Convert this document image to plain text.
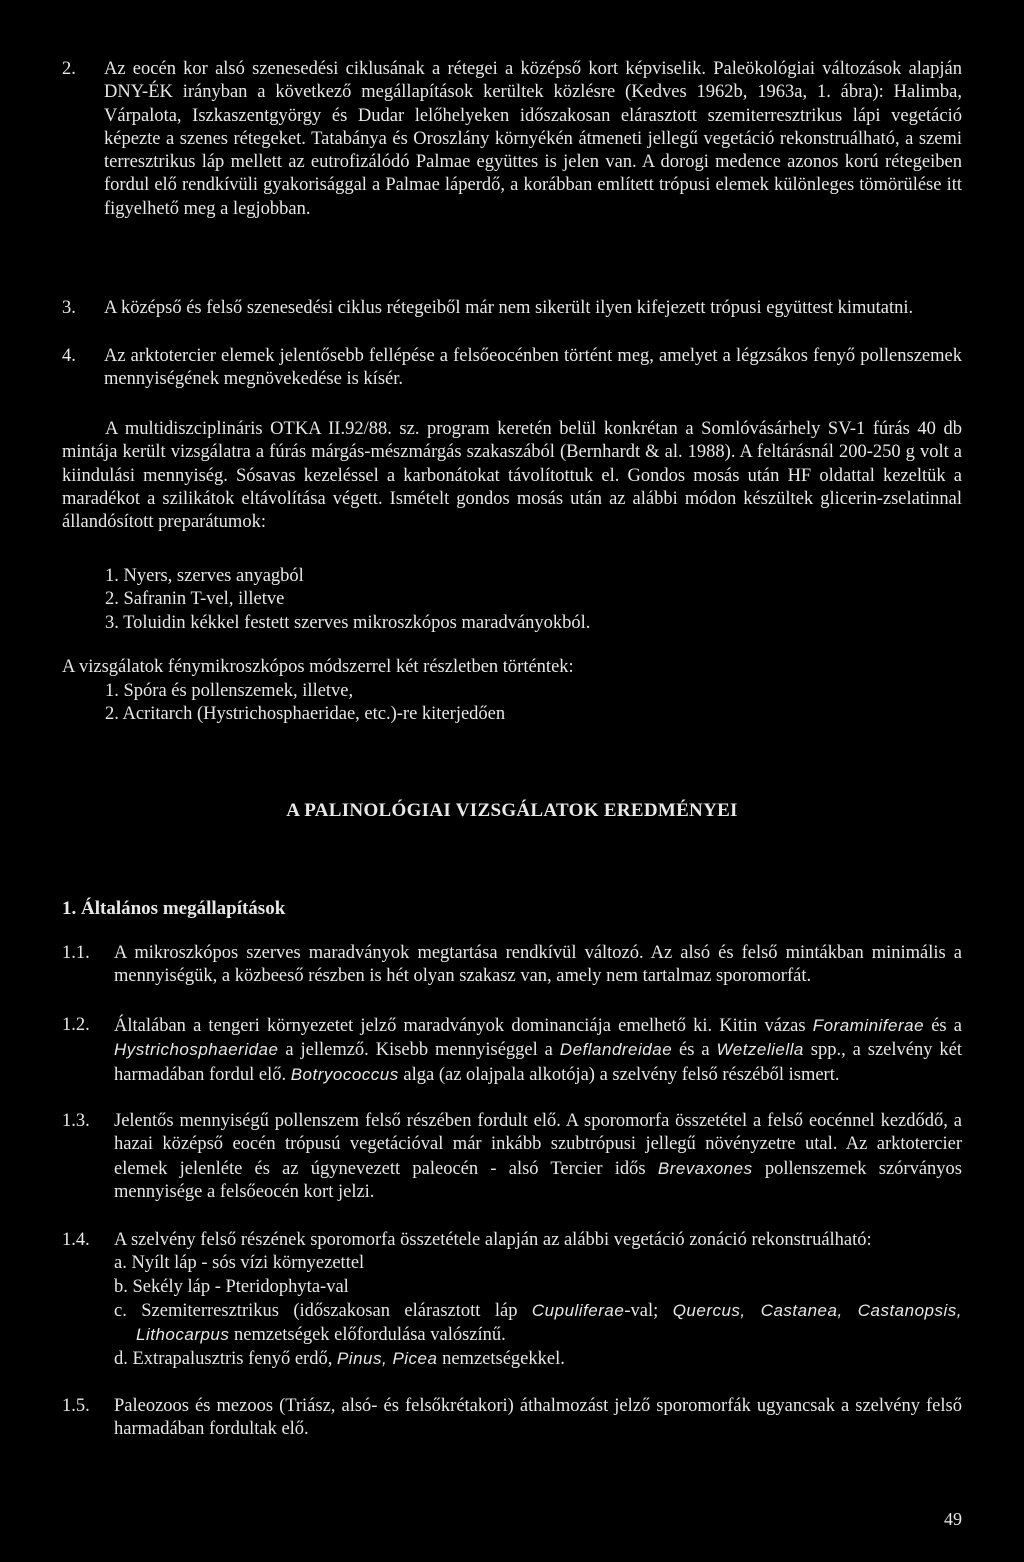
2.	Az eocén kor alsó szenesedési ciklusának a rétegei a középső kort képviselik. Paleökológiai változások alapján DNY-ÉK irányban a következő megállapítások kerültek közlésre (Kedves 1962b, 1963a, 1. ábra): Halimba, Várpalota, Iszkaszentgyörgy és Dudar lelőhelyeken időszakosan elárasztott szemiterresztrikus lápi vegetáció képezte a szenes rétegeket. Tatabánya és Oroszlány környékén átmeneti jellegű vegetáció rekonstruálható, a szemi terresztrikus láp mellett az eutrofizálódó Palmae együttes is jelen van. A dorogi medence azonos korú rétegeiben fordul elő rendkívüli gyakorisággal a Palmae láperdő, a korábban említett trópusi elemek különleges tömörülése itt figyelhető meg a legjobban.
3.	A középső és felső szenesedési ciklus rétegeiből már nem sikerült ilyen kifejezett trópusi együttest kimutatni.
4.	Az arktotercier elemek jelentősebb fellépése a felsőeocénben történt meg, amelyet a légzsákos fenyő pollenszemek mennyiségének megnövekedése is kísér.

A multidiszciplináris OTKA II.92/88. sz. program keretén belül konkrétan a Somlóvásárhely SV-1 fúrás 40 db mintája került vizsgálatra a fúrás márgás-mészmárgás szakaszából (Bernhardt & al. 1988). A feltárásnál 200-250 g volt a kiindulási mennyiség. Sósavas kezeléssel a karbonátokat távolítottuk el. Gondos mosás után HF oldattal kezeltük a maradékot a szilikátok eltávolítása végett. Ismételt gondos mosás után az alábbi módon készültek glicerin-zselatinnal állandósított preparátumok:

1. Nyers, szerves anyagból
2. Safranin T-vel, illetve
3. Toluidin kékkel festett szerves mikroszkópos maradványokból.
A vizsgálatok fénymikroszkópos módszerrel két részletben történtek:
1. Spóra és pollenszemek, illetve,
2. Acritarch (Hystrichosphaeridae, etc.)-re kiterjedően
A PALINOLÓGIAI VIZSGÁLATOK EREDMÉNYEI
1. Általános megállapítások
1.1.	A mikroszkópos szerves maradványok megtartása rendkívül változó. Az alsó és felső mintákban minimális a mennyiségük, a közbeeső részben is hét olyan szakasz van, amely nem tartalmaz sporomorfát.
1.2.	Általában a tengeri környezetet jelző maradványok dominanciája emelhető ki. Kitin vázas Foraminiferae és a Hystrichosphaeridae a jellemző. Kisebb mennyiséggel a Deflandreidae és a Wetzeliella spp., a szelvény két harmadában fordul elő. Botryococcus alga (az olajpala alkotója) a szelvény felső részéből ismert.
1.3.	Jelentős mennyiségű pollenszem felső részében fordult elő. A sporomorfa összetétel a felső eocénnel kezdődő, a hazai középső eocén trópusú vegetációval már inkább szubtrópusi jellegű növényzetre utal. Az arktotercier elemek jelenléte és az úgynevezett paleocén - alsó Tercier idős Brevaxones pollenszemek szórványos mennyisége a felsőeocén kort jelzi.
1.4.	A szelvény felső részének sporomorfa összetétele alapján az alábbi vegetáció zonáció rekonstruálható:
a. Nyílt láp - sós vízi környezettel
b. Sekély láp - Pteridophyta-val
c. Szemiterresztrikus (időszakosan elárasztott láp Cupuliferae-val; Quercus, Castanea, Castanopsis, Lithocarpus nemzetségek előfordulása valószínű.
d. Extrapalusztris fenyő erdő, Pinus, Picea nemzetségekkel.
1.5.	Paleozoos és mezoos (Triász, alsó- és felsőkrétakori) áthalmozást jelző sporomorfák ugyancsak a szelvény felső harmadában fordultak elő.
49
